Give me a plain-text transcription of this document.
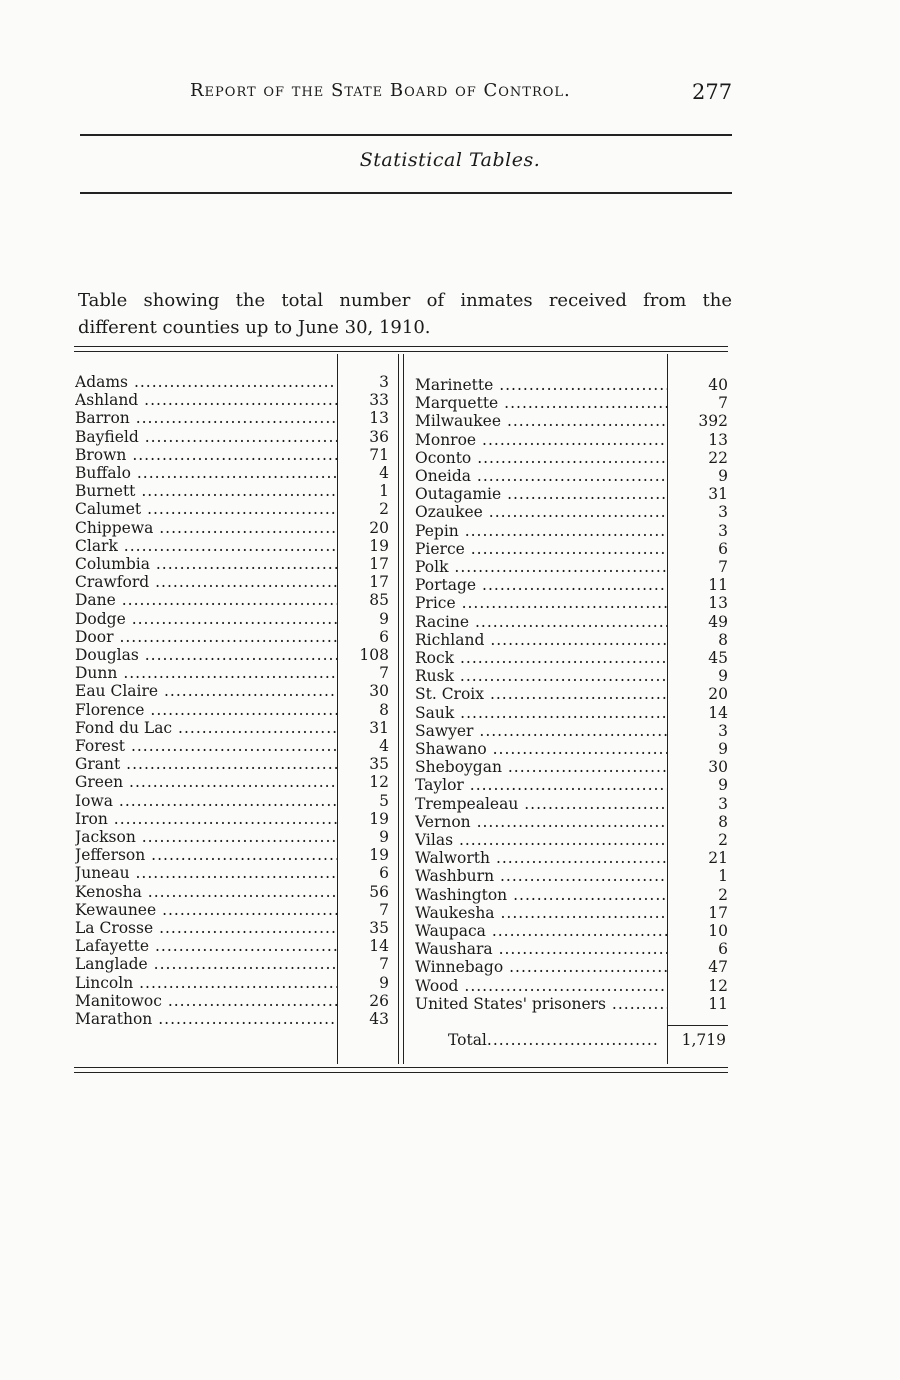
Report of the State Board of Control.	277
Statistical Tables.
Table showing the total number of inmates received from the
different counties up to June 30, 1910.
Adams .....	3
Ashland .....	33
Barron .....	13
Bayfield .....	36
Brown .....	71
Buffalo .....	4
Burnett .....	1
Calumet .....	2
Chippewa .....	20
Clark .....	19
Columbia .....	17
Crawford .....	17
Dane .....	85
Dodge .....	9
Door .....	6
Douglas .....	108
Dunn .....	7
Eau Claire .....	30
Florence .....	8
Fond du Lac .....	31
Forest .....	4
Grant .....	35
Green .....	12
Iowa .....	5
Iron .....	19
Jackson .....	9
Jefferson .....	19
Juneau .....	6
Kenosha .....	56
Kewaunee .....	7
La Crosse .....	35
Lafayette .....	14
Langlade .....	7
Lincoln .....	9
Manitowoc .....	26
Marathon .....	43
Marinette .....	40
Marquette .....	7
Milwaukee .....	392
Monroe .....	13
Oconto .....	22
Oneida .....	9
Outagamie .....	31
Ozaukee .....	3
Pepin .....	3
Pierce .....	6
Polk .....	7
Portage .....	11
Price .....	13
Racine .....	49
Richland .....	8
Rock .....	45
Rusk .....	9
St. Croix .....	20
Sauk .....	14
Sawyer .....	3
Shawano .....	9
Sheboygan .....	30
Taylor .....	9
Trempealeau .....	3
Vernon .....	8
Vilas .....	2
Walworth .....	21
Washburn .....	1
Washington .....	2
Waukesha .....	17
Waupaca .....	10
Waushara .....	6
Winnebago .....	47
Wood .....	12
United States' prisoners .....	11
Total .....	1,719
